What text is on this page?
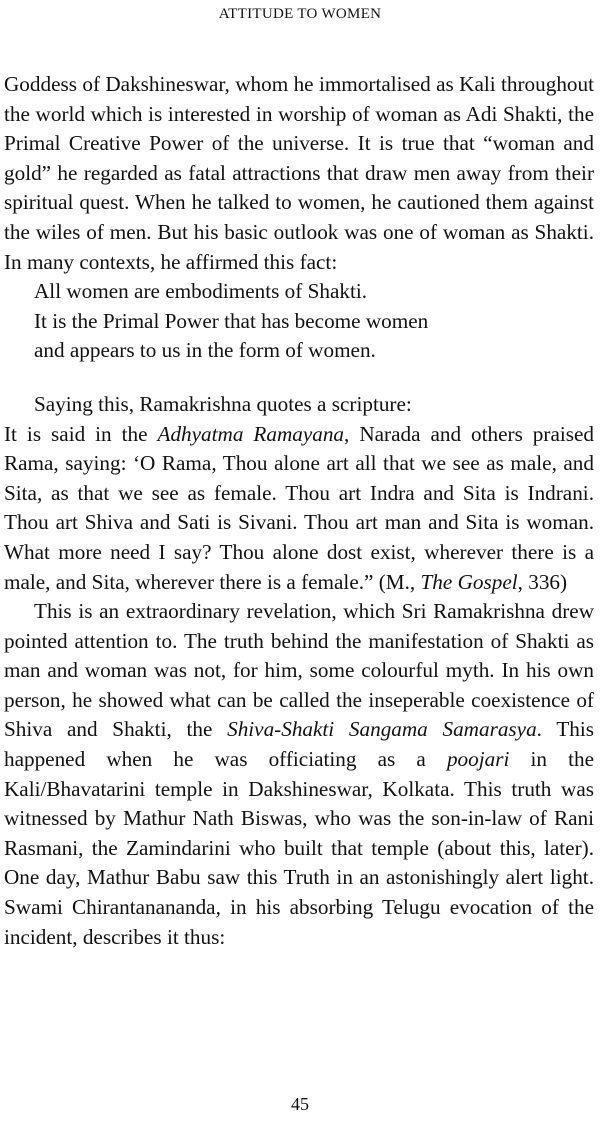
ATTITUDE TO WOMEN

Goddess of Dakshineswar, whom he immortalised as Kali throughout the world which is interested in worship of woman as Adi Shakti, the Primal Creative Power of the universe. It is true that “woman and gold” he regarded as fatal attractions that draw men away from their spiritual quest. When he talked to women, he cautioned them against the wiles of men. But his basic outlook was one of woman as Shakti. In many contexts, he affirmed this fact:

All women are embodiments of Shakti.
It is the Primal Power that has become women
and appears to us in the form of women.
Saying this, Ramakrishna quotes a scripture:

It is said in the Adhyatma Ramayana, Narada and others praised Rama, saying: ‘O Rama, Thou alone art all that we see as male, and Sita, as that we see as female. Thou art Indra and Sita is Indrani. Thou art Shiva and Sati is Sivani. Thou art man and Sita is woman. What more need I say? Thou alone dost exist, wherever there is a male, and Sita, wherever there is a female.” (M., The Gospel, 336)

This is an extraordinary revelation, which Sri Ramakrishna drew pointed attention to. The truth behind the manifestation of Shakti as man and woman was not, for him, some colourful myth. In his own person, he showed what can be called the inseperable coexistence of Shiva and Shakti, the Shiva-Shakti Sangama Samarasya. This happened when he was officiating as a poojari in the Kali/Bhavatarini temple in Dakshineswar, Kolkata. This truth was witnessed by Mathur Nath Biswas, who was the son-in-law of Rani Rasmani, the Zamindarini who built that temple (about this, later). One day, Mathur Babu saw this Truth in an astonishingly alert light. Swami Chirantanananda, in his absorbing Telugu evocation of the incident, describes it thus:

45
